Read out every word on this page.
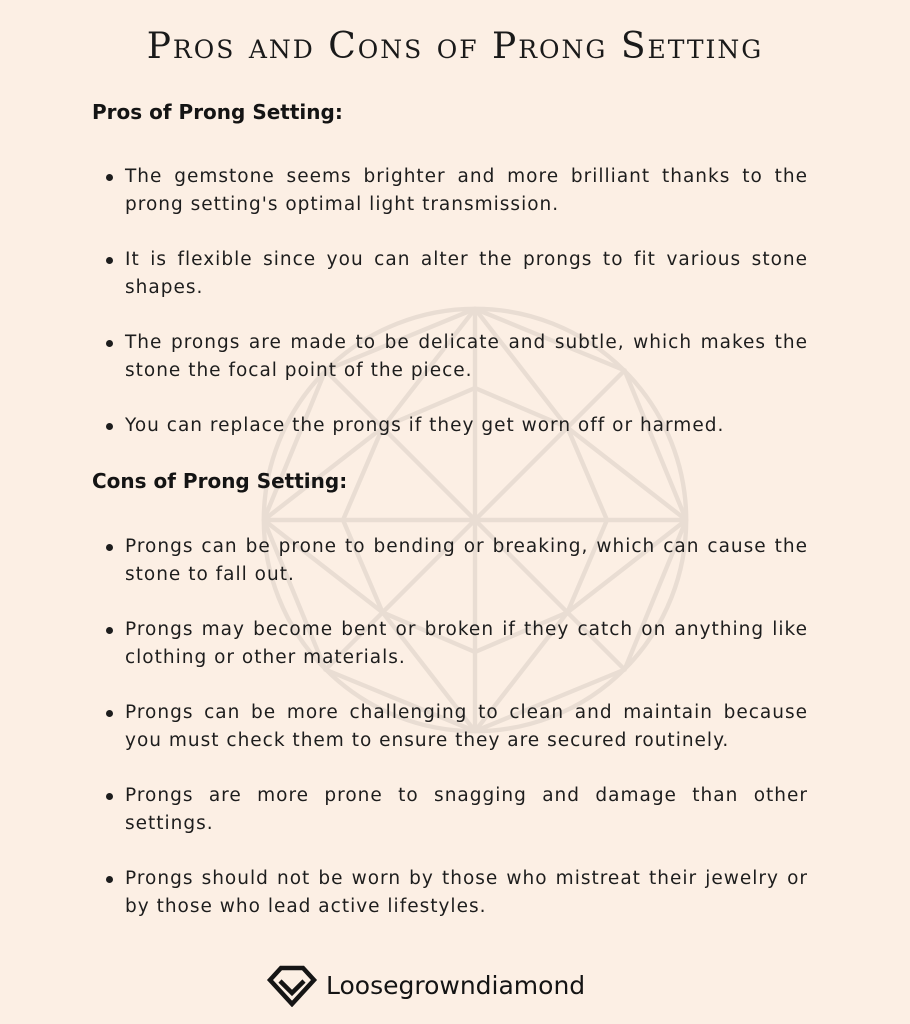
Pros and Cons of Prong Setting
Pros of Prong Setting:
The gemstone seems brighter and more brilliant thanks to the prong setting's optimal light transmission.
It is flexible since you can alter the prongs to fit various stone shapes.
The prongs are made to be delicate and subtle, which makes the stone the focal point of the piece.
You can replace the prongs if they get worn off or harmed.
Cons of Prong Setting:
Prongs can be prone to bending or breaking, which can cause the stone to fall out.
Prongs may become bent or broken if they catch on anything like clothing or other materials.
Prongs can be more challenging to clean and maintain because you must check them to ensure they are secured routinely.
Prongs are more prone to snagging and damage than other settings.
Prongs should not be worn by those who mistreat their jewelry or by those who lead active lifestyles.
Loosegrowndiamond
